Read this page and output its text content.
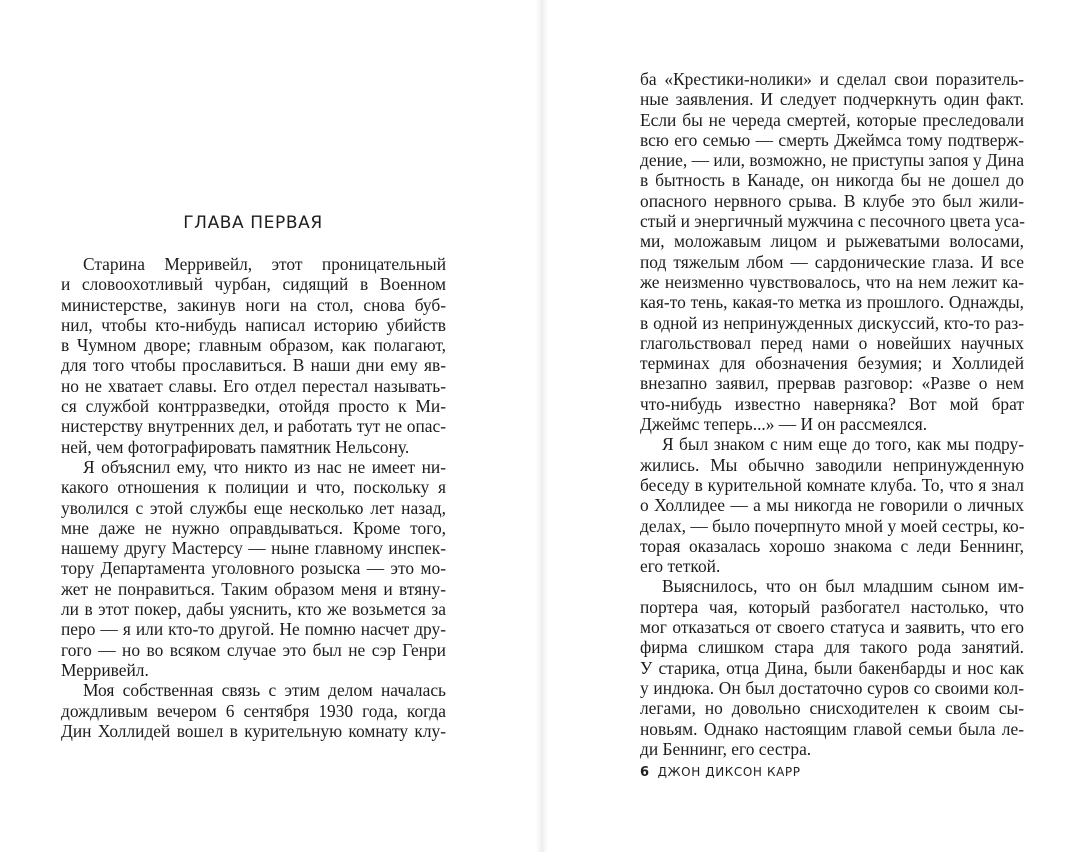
ГЛАВА ПЕРВАЯ
Старина Мерривейл, этот проницательный
и словоохотливый чурбан, сидящий в Военном
министерстве, закинув ноги на стол, снова буб-
нил, чтобы кто-нибудь написал историю убийств
в Чумном дворе; главным образом, как полагают,
для того чтобы прославиться. В наши дни ему яв-
но не хватает славы. Его отдел перестал называть-
ся службой контрразведки, отойдя просто к Ми-
нистерству внутренних дел, и работать тут не опас-
ней, чем фотографировать памятник Нельсону.
Я объяснил ему, что никто из нас не имеет ни-
какого отношения к полиции и что, поскольку я
уволился с этой службы еще несколько лет назад,
мне даже не нужно оправдываться. Кроме того,
нашему другу Мастерсу — ныне главному инспек-
тору Департамента уголовного розыска — это мо-
жет не понравиться. Таким образом меня и втяну-
ли в этот покер, дабы уяснить, кто же возьмется за
перо — я или кто-то другой. Не помню насчет дру-
гого — но во всяком случае это был не сэр Генри
Мерривейл.
Моя собственная связь с этим делом началась
дождливым вечером 6 сентября 1930 года, когда
Дин Холлидей вошел в курительную комнату клу-
ба «Крестики-нолики» и сделал свои поразитель-
ные заявления. И следует подчеркнуть один факт.
Если бы не череда смертей, которые преследовали
всю его семью — смерть Джеймса тому подтверж-
дение, — или, возможно, не приступы запоя у Дина
в бытность в Канаде, он никогда бы не дошел до
опасного нервного срыва. В клубе это был жили-
стый и энергичный мужчина с песочного цвета уса-
ми, моложавым лицом и рыжеватыми волосами,
под тяжелым лбом — сардонические глаза. И все
же неизменно чувствовалось, что на нем лежит ка-
кая-то тень, какая-то метка из прошлого. Однажды,
в одной из непринужденных дискуссий, кто-то раз-
глагольствовал перед нами о новейших научных
терминах для обозначения безумия; и Холлидей
внезапно заявил, прервав разговор: «Разве о нем
что-нибудь известно наверняка? Вот мой брат
Джеймс теперь...» — И он рассмеялся.
Я был знаком с ним еще до того, как мы подру-
жились. Мы обычно заводили непринужденную
беседу в курительной комнате клуба. То, что я знал
о Холлидее — а мы никогда не говорили о личных
делах, — было почерпнуто мной у моей сестры, ко-
торая оказалась хорошо знакома с леди Беннинг,
его теткой.
Выяснилось, что он был младшим сыном им-
портера чая, который разбогател настолько, что
мог отказаться от своего статуса и заявить, что его
фирма слишком стара для такого рода занятий.
У старика, отца Дина, были бакенбарды и нос как
у индюка. Он был достаточно суров со своими кол-
легами, но довольно снисходителен к своим сы-
новьям. Однако настоящим главой семьи была ле-
ди Беннинг, его сестра.
6 ДЖОН ДИКСОН КАРР
